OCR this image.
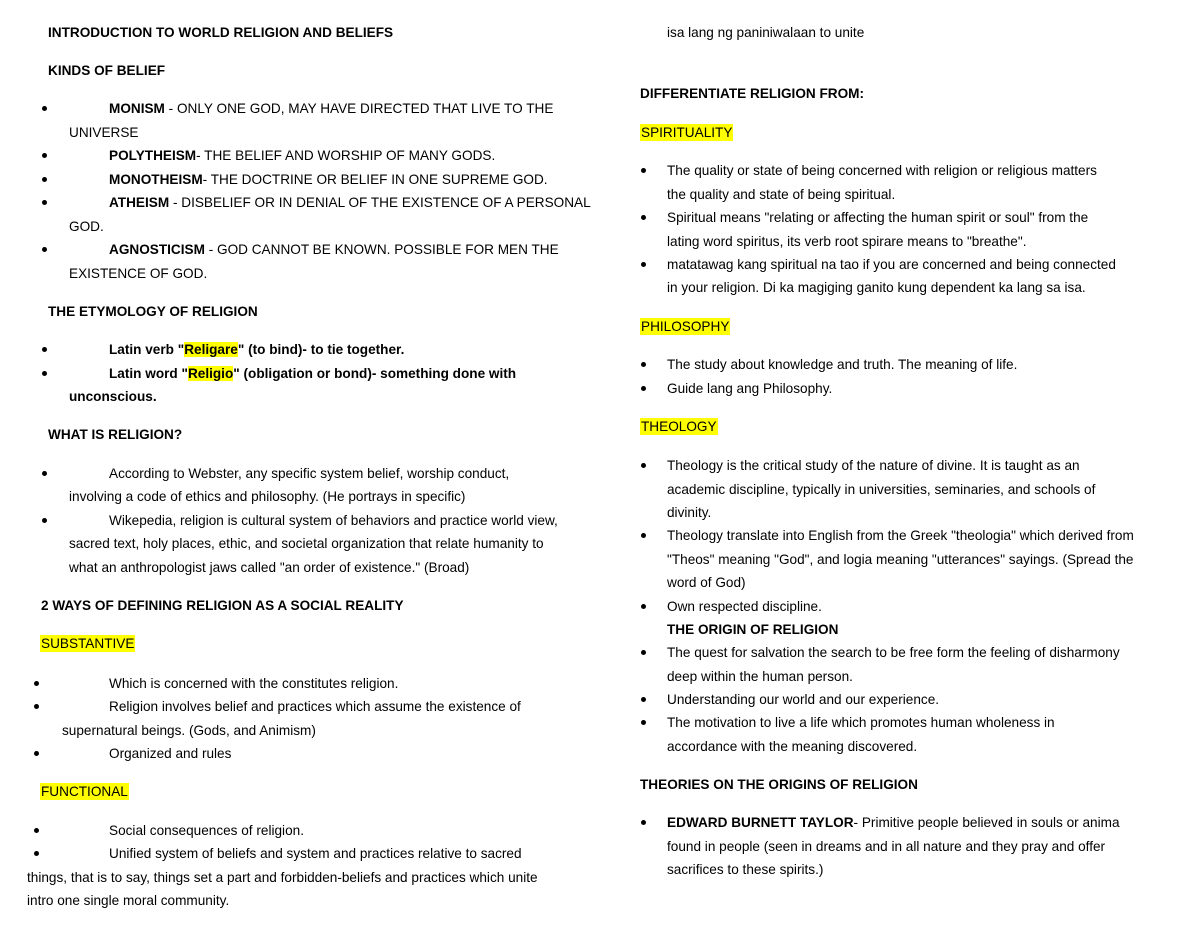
INTRODUCTION TO WORLD RELIGION AND BELIEFS
KINDS OF BELIEF
MONISM - ONLY ONE GOD, MAY HAVE DIRECTED THAT LIVE TO THE
UNIVERSE
POLYTHEISM- THE BELIEF AND WORSHIP OF MANY GODS.
MONOTHEISM- THE DOCTRINE OR BELIEF IN ONE SUPREME GOD.
ATHEISM - DISBELIEF OR IN DENIAL OF THE EXISTENCE OF A PERSONAL
GOD.
AGNOSTICISM - GOD CANNOT BE KNOWN. POSSIBLE FOR MEN THE
EXISTENCE OF GOD.
THE ETYMOLOGY OF RELIGION
Latin verb "Religare" (to bind)- to tie together.
Latin word "Religio" (obligation or bond)- something done with
unconscious.
WHAT IS RELIGION?
According to Webster, any specific system belief, worship conduct,
involving a code of ethics and philosophy. (He portrays in specific)
Wikepedia, religion is cultural system of behaviors and practice world view,
sacred text, holy places, ethic, and societal organization that relate humanity to
what an anthropologist jaws called "an order of existence." (Broad)
2 WAYS OF DEFINING RELIGION AS A SOCIAL REALITY
SUBSTANTIVE
Which is concerned with the constitutes religion.
Religion involves belief and practices which assume the existence of
supernatural beings. (Gods, and Animism)
Organized and rules
FUNCTIONAL
Social consequences of religion.
Unified system of beliefs and system and practices relative to sacred
things, that is to say, things set a part and forbidden-beliefs and practices which unite
intro one single moral community.
isa lang ng paniniwalaan to unite
DIFFERENTIATE RELIGION FROM:
SPIRITUALITY
The quality or state of being concerned with religion or religious matters
the quality and state of being spiritual.
Spiritual means "relating or affecting the human spirit or soul" from the
lating word spiritus, its verb root spirare means to "breathe".
matatawag kang spiritual na tao if you are concerned and being connected
in your religion. Di ka magiging ganito kung dependent ka lang sa isa.
PHILOSOPHY
The study about knowledge and truth. The meaning of life.
Guide lang ang Philosophy.
THEOLOGY
Theology is the critical study of the nature of divine. It is taught as an
academic discipline, typically in universities, seminaries, and schools of
divinity.
Theology translate into English from the Greek "theologia" which derived from
"Theos" meaning "God", and logia meaning "utterances" sayings. (Spread the
word of God)
Own respected discipline.
THE ORIGIN OF RELIGION
The quest for salvation the search to be free form the feeling of disharmony
deep within the human person.
Understanding our world and our experience.
The motivation to live a life which promotes human wholeness in
accordance with the meaning discovered.
THEORIES ON THE ORIGINS OF RELIGION
EDWARD BURNETT TAYLOR- Primitive people believed in souls or anima
found in people (seen in dreams and in all nature and they pray and offer
sacrifices to these spirits.)
